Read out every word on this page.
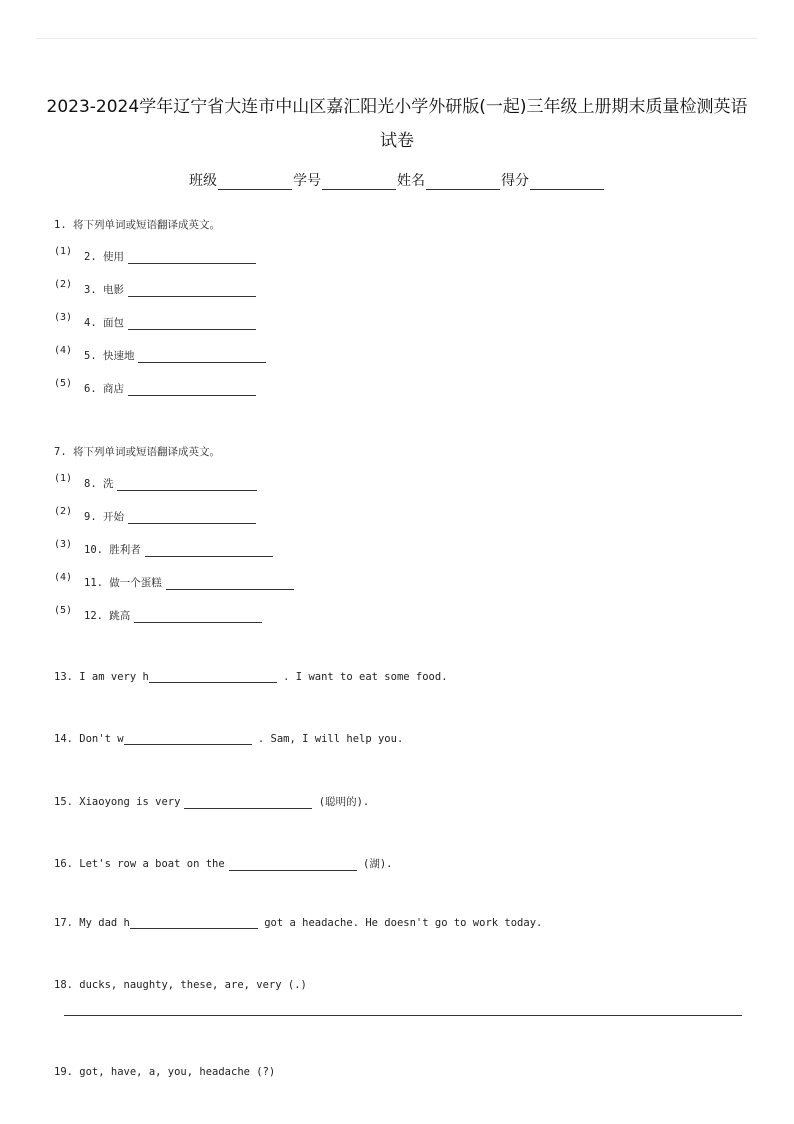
2023-2024学年辽宁省大连市中山区嘉汇阳光小学外研版(一起)三年级上册期末质量检测英语试卷
班级	学号	姓名	得分
1. 将下列单词或短语翻译成英文。
(1) 2. 使用
(2) 3. 电影
(3) 4. 面包
(4) 5. 快速地
(5) 6. 商店
7. 将下列单词或短语翻译成英文。
(1) 8. 洗
(2) 9. 开始
(3) 10. 胜利者
(4) 11. 做一个蛋糕
(5) 12. 跳高
13. I am very h	. I want to eat some food.
14. Don't w	. Sam, I will help you.
15. Xiaoyong is very	(聪明的).
16. Let's row a boat on the	(湖).
17. My dad h	got a headache. He doesn't go to work today.
18. ducks, naughty, these, are, very (.)
19. got, have, a, you, headache (?)
